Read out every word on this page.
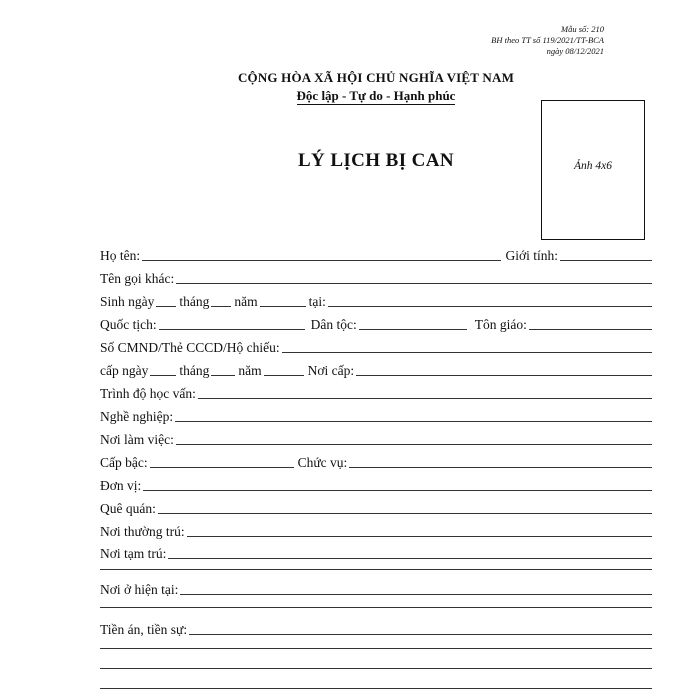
Mẫu số: 210
BH theo TT số 119/2021/TT-BCA
ngày 08/12/2021
CỘNG HÒA XÃ HỘI CHỦ NGHĨA VIỆT NAM
Độc lập - Tự do - Hạnh phúc
LÝ LỊCH BỊ CAN	Ảnh 4x6
Họ tên:	Giới tính:
Tên gọi khác:
Sinh ngày tháng năm	tại:
Quốc tịch:	Dân tộc:	Tôn giáo:
Số CMND/Thẻ CCCD/Hộ chiếu:
cấp ngày tháng năm	Nơi cấp:
Trình độ học vấn:
Nghề nghiệp:
Nơi làm việc:
Cấp bậc:	Chức vụ:
Đơn vị:
Quê quán:
Nơi thường trú:
Nơi tạm trú:
Nơi ở hiện tại:
Tiền án, tiền sự:
